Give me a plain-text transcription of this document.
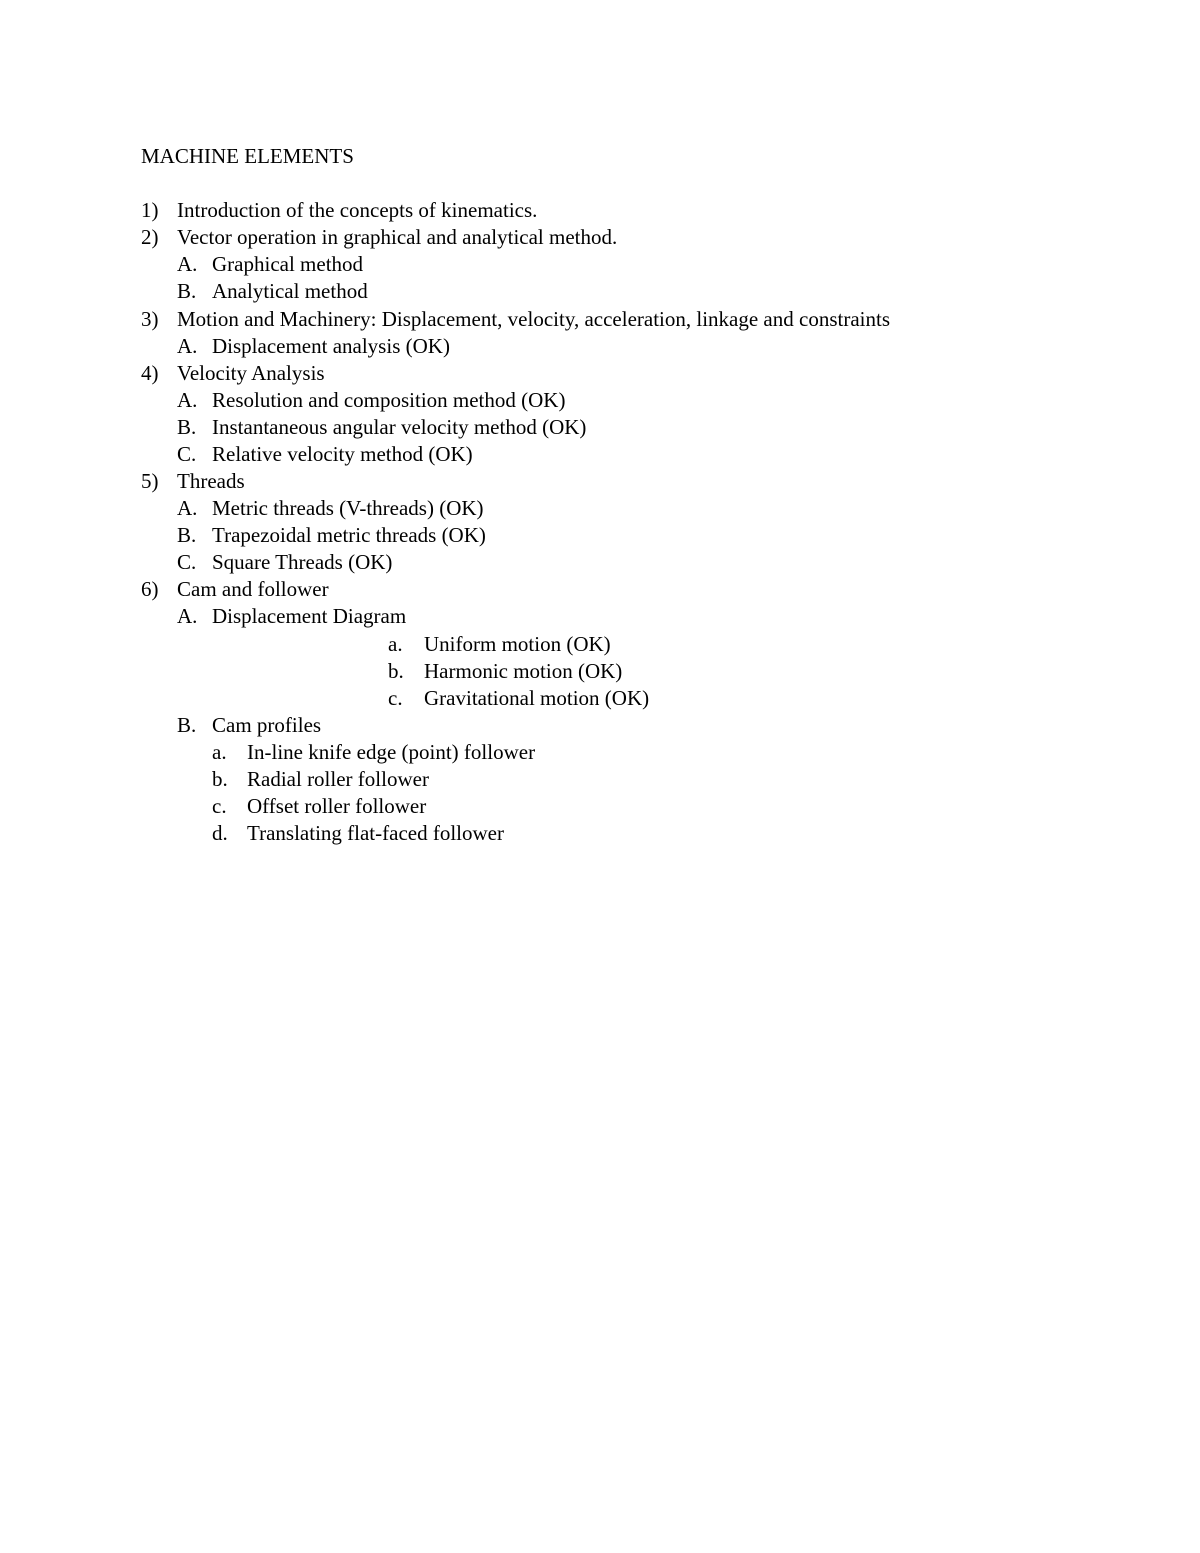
MACHINE ELEMENTS
1) Introduction of the concepts of kinematics.
2) Vector operation in graphical and analytical method.
A. Graphical method
B. Analytical method
3) Motion and Machinery: Displacement, velocity, acceleration, linkage and constraints
A. Displacement analysis (OK)
4) Velocity Analysis
A. Resolution and composition method (OK)
B. Instantaneous angular velocity method (OK)
C. Relative velocity method (OK)
5) Threads
A. Metric threads (V-threads) (OK)
B. Trapezoidal metric threads (OK)
C. Square Threads (OK)
6) Cam and follower
A. Displacement Diagram
a. Uniform motion (OK)
b. Harmonic motion (OK)
c. Gravitational motion (OK)
B. Cam profiles
a. In-line knife edge (point) follower
b. Radial roller follower
c. Offset roller follower
d. Translating flat-faced follower
